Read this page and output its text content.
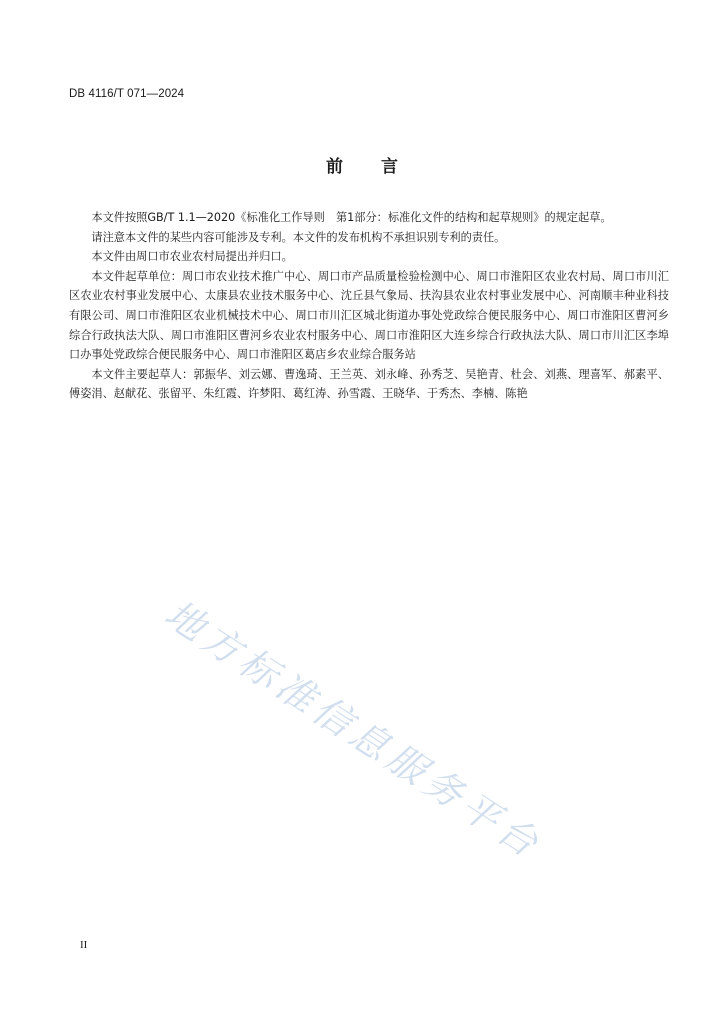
DB 4116/T 071—2024
前言

本文件按照GB/T 1.1—2020《标准化工作导则　第1部分：标准化文件的结构和起草规则》的规定起草。

请注意本文件的某些内容可能涉及专利。本文件的发布机构不承担识别专利的责任。

本文件由周口市农业农村局提出并归口。

本文件起草单位：周口市农业技术推广中心、周口市产品质量检验检测中心、周口市淮阳区农业农村局、周口市川汇区农业农村事业发展中心、太康县农业技术服务中心、沈丘县气象局、扶沟县农业农村事业发展中心、河南顺丰种业科技有限公司、周口市淮阳区农业机械技术中心、周口市川汇区城北街道办事处党政综合便民服务中心、周口市淮阳区曹河乡综合行政执法大队、周口市淮阳区曹河乡农业农村服务中心、周口市淮阳区大连乡综合行政执法大队、周口市川汇区李埠口办事处党政综合便民服务中心、周口市淮阳区葛店乡农业综合服务站

本文件主要起草人：郭振华、刘云娜、曹逸琦、王兰英、刘永峰、孙秀芝、吴艳青、杜会、刘燕、理喜军、郝素平、傅姿涓、赵献花、张留平、朱红霞、许梦阳、葛红涛、孙雪霞、王晓华、于秀杰、李楠、陈艳

地方标准信息服务平台
II
